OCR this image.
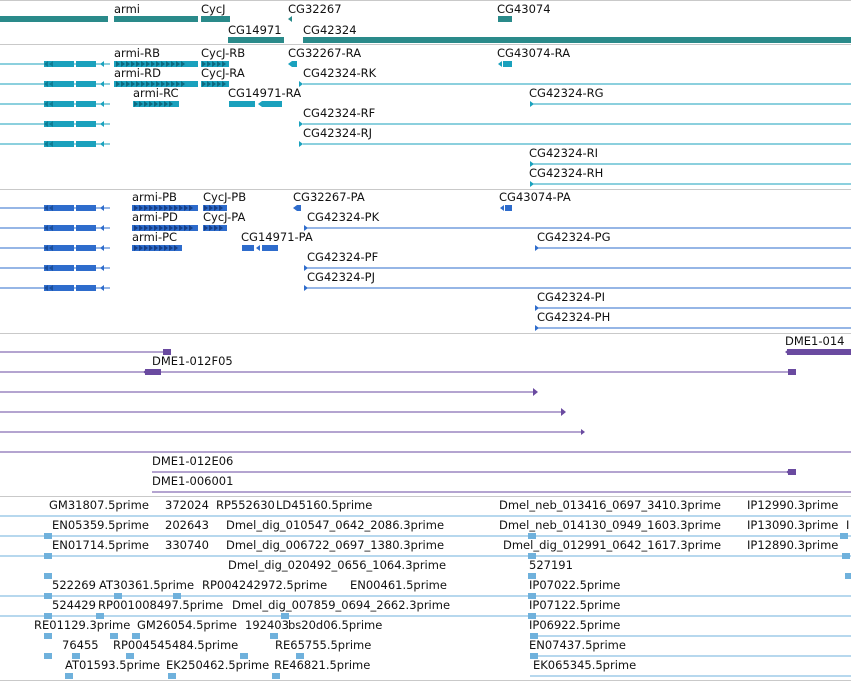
armi	CycJ	CG32267	CG43074
CG14971 CG42324
armi-RB	CycJ-RB	CG32267-RA	CG43074-RA
armi-RD	CycJ-RA	CG42324-RK
armi-RC	CG14971-RA	CG42324-RG
CG42324-RF
CG42324-RJ
CG42324-RI
CG42324-RH
armi-PB CycJ-PB	CG32267-PA	CG43074-PA
armi-PD CycJ-PA	CG42324-PK
armi-PC	CG14971-PA	CG42324-PG
CG42324-PF
CG42324-PJ
CG42324-PI
CG42324-PH
DME1-014
DME1-012F05
DME1-012E06
DME1-006001
GM31807.5prime 372024 RP552630 LD45160.5prime	Dmel_neb_013416_0697_3410.3prime IP12990.3prime
EN05359.5prime 202643 Dmel_dig_010547_0642_2086.3prime	Dmel_neb_014130_0949_1603.3prime IP13090.3prime I
EN01714.5prime 330740 Dmel_dig_006722_0697_1380.3prime	Dmel_dig_012991_0642_1617.3prime IP12890.3prime
Dmel_dig_020492_0656_1064.3prime	527191
522269 AT30361.5prime RP004242972.5prime EN00461.5prime	IP07022.5prime
524429 RP001008497.5prime Dmel_dig_007859_0694_2662.3prime	IP07122.5prime
RE01129.3prime GM26054.5prime 192403 bs20d06.5prime	IP06922.5prime
76455 RP004545484.5prime	RE65755.5prime	EN07437.5prime
AT01593.5prime EK250462.5prime RE46821.5prime	EK065345.5prime
